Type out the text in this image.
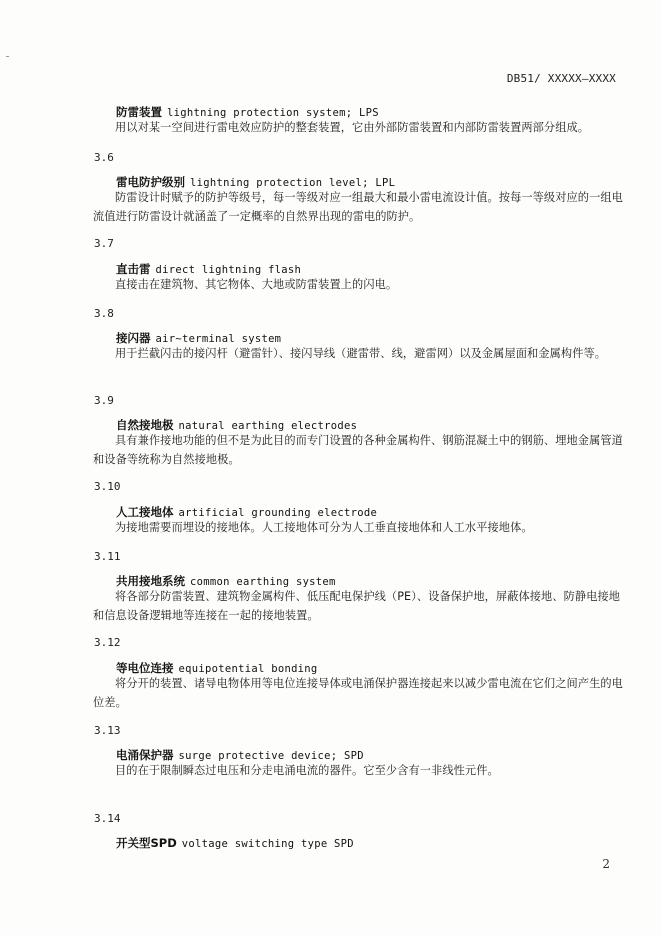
DB51/ XXXXX—XXXX
防雷装置 lightning protection system; LPS
用以对某一空间进行雷电效应防护的整套装置，它由外部防雷装置和内部防雷装置两部分组成。
3.6
雷电防护级别 lightning protection level; LPL
防雷设计时赋予的防护等级号，每一等级对应一组最大和最小雷电流设计值。按每一等级对应的一组电流值进行防雷设计就涵盖了一定概率的自然界出现的雷电的防护。
3.7
直击雷 direct lightning flash
直接击在建筑物、其它物体、大地或防雷装置上的闪电。
3.8
接闪器 air~terminal system
用于拦截闪击的接闪杆（避雷针）、接闪导线（避雷带、线，避雷网）以及金属屋面和金属构件等。
3.9
自然接地极 natural earthing electrodes
具有兼作接地功能的但不是为此目的而专门设置的各种金属构件、钢筋混凝土中的钢筋、埋地金属管道和设备等统称为自然接地极。
3.10
人工接地体 artificial grounding electrode
为接地需要而埋设的接地体。人工接地体可分为人工垂直接地体和人工水平接地体。
3.11
共用接地系统 common earthing system
将各部分防雷装置、建筑物金属构件、低压配电保护线（PE）、设备保护地，屏蔽体接地、防静电接地和信息设备逻辑地等连接在一起的接地装置。
3.12
等电位连接 equipotential bonding
将分开的装置、诸导电物体用等电位连接导体或电涌保护器连接起来以减少雷电流在它们之间产生的电位差。
3.13
电涌保护器 surge protective device; SPD
目的在于限制瞬态过电压和分走电涌电流的器件。它至少含有一非线性元件。
3.14
开关型SPD voltage switching type SPD
2
